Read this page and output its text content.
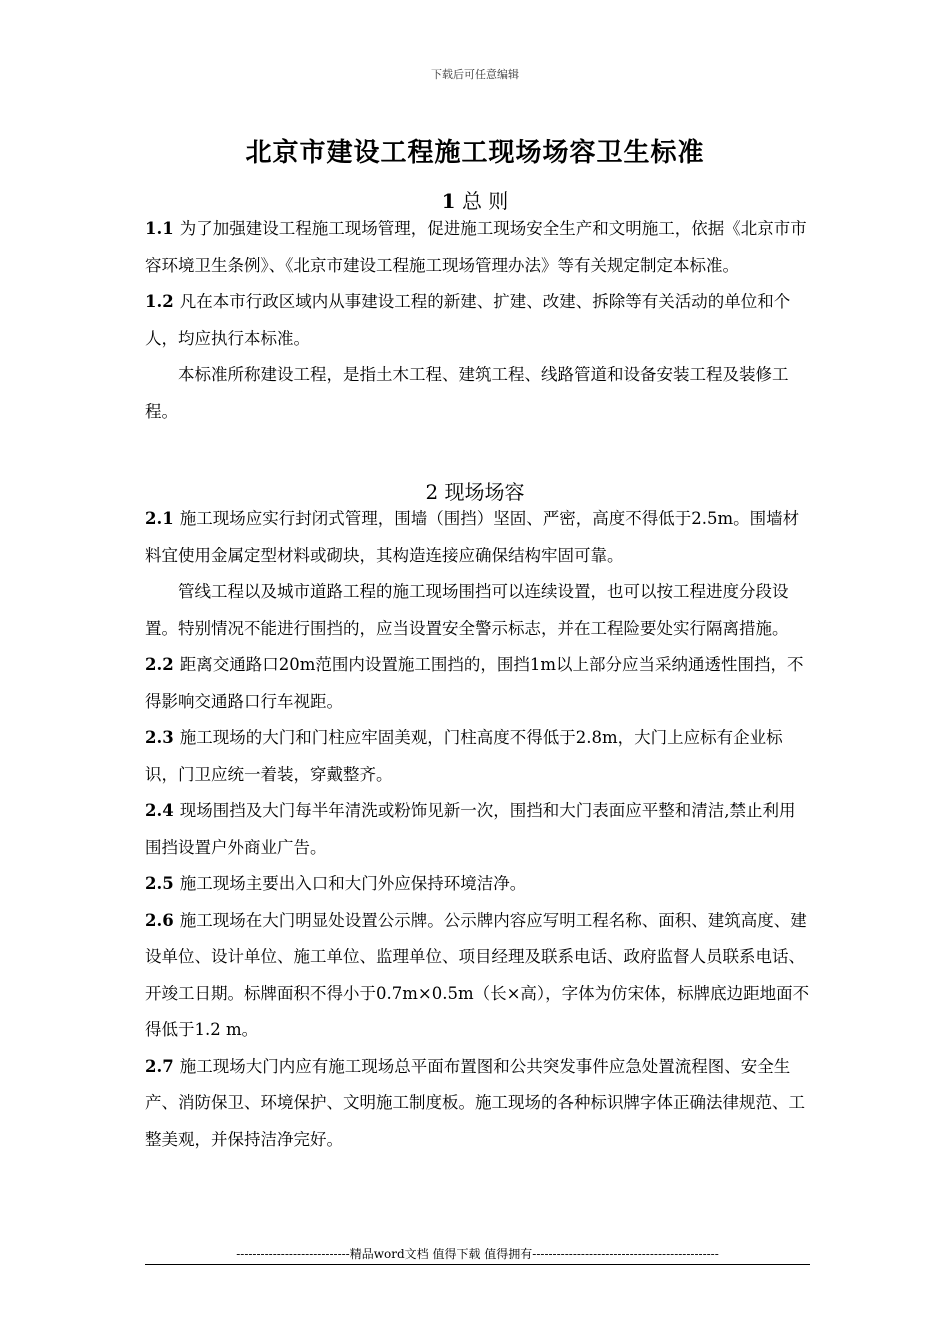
下载后可任意编辑
北京市建设工程施工现场场容卫生标准
1 总 则

1.1 为了加强建设工程施工现场管理，促进施工现场安全生产和文明施工，依据《北京市市容环境卫生条例》、《北京市建设工程施工现场管理办法》等有关规定制定本标准。

1.2 凡在本市行政区域内从事建设工程的新建、扩建、改建、拆除等有关活动的单位和个人，均应执行本标准。

本标准所称建设工程，是指土木工程、建筑工程、线路管道和设备安装工程及装修工程。

2 现场场容

2.1 施工现场应实行封闭式管理，围墙（围挡）坚固、严密，高度不得低于2.5m。围墙材料宜使用金属定型材料或砌块，其构造连接应确保结构牢固可靠。

管线工程以及城市道路工程的施工现场围挡可以连续设置，也可以按工程进度分段设置。特别情况不能进行围挡的，应当设置安全警示标志，并在工程险要处实行隔离措施。

2.2 距离交通路口20m范围内设置施工围挡的，围挡1m以上部分应当采纳通透性围挡，不得影响交通路口行车视距。

2.3 施工现场的大门和门柱应牢固美观，门柱高度不得低于2.8m，大门上应标有企业标识，门卫应统一着装，穿戴整齐。

2.4 现场围挡及大门每半年清洗或粉饰见新一次，围挡和大门表面应平整和清洁,禁止利用围挡设置户外商业广告。

2.5 施工现场主要出入口和大门外应保持环境洁净。

2.6 施工现场在大门明显处设置公示牌。公示牌内容应写明工程名称、面积、建筑高度、建设单位、设计单位、施工单位、监理单位、项目经理及联系电话、政府监督人员联系电话、开竣工日期。标牌面积不得小于0.7m×0.5m（长×高），字体为仿宋体，标牌底边距地面不得低于1.2 m。

2.7 施工现场大门内应有施工现场总平面布置图和公共突发事件应急处置流程图、安全生产、消防保卫、环境保护、文明施工制度板。施工现场的各种标识牌字体正确法律规范、工整美观，并保持洁净完好。

----------------------------精品word文档 值得下载 值得拥有----------------------------------------------
